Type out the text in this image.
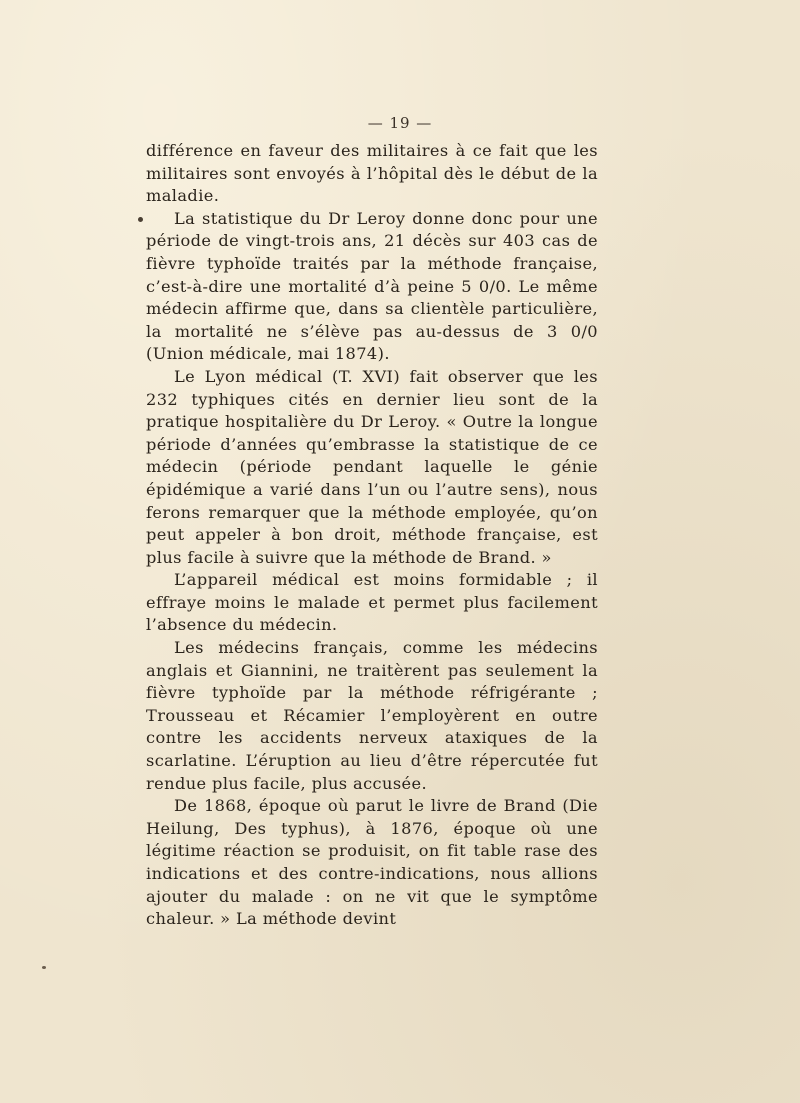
— 19 —

différence en faveur des militaires à ce fait que les militaires sont envoyés à l’hôpital dès le début de la maladie.

La statistique du Dr Leroy donne donc pour une période de vingt-trois ans, 21 décès sur 403 cas de fièvre typhoïde traités par la méthode française, c’est-à-dire une mortalité d’à peine 5 0/0. Le même médecin affirme que, dans sa clientèle particulière, la mortalité ne s’élève pas au-dessus de 3 0/0 (Union médicale, mai 1874).

Le Lyon médical (T. XVI) fait observer que les 232 typhiques cités en dernier lieu sont de la pratique hospitalière du Dr Leroy. « Outre la longue période d’années qu’embrasse la statistique de ce médecin (période pendant laquelle le génie épidémique a varié dans l’un ou l’autre sens), nous ferons remarquer que la méthode employée, qu’on peut appeler à bon droit, méthode française, est plus facile à suivre que la méthode de Brand. »

L’appareil médical est moins formidable ; il effraye moins le malade et permet plus facilement l’absence du médecin.

Les médecins français, comme les médecins anglais et Giannini, ne traitèrent pas seulement la fièvre typhoïde par la méthode réfrigérante ; Trousseau et Récamier l’employèrent en outre contre les accidents nerveux ataxiques de la scarlatine. L’éruption au lieu d’être répercutée fut rendue plus facile, plus accusée.

De 1868, époque où parut le livre de Brand (Die Heilung, Des typhus), à 1876, époque où une légitime réaction se produisit, on fit table rase des indications et des contre-indications, nous allions ajouter du malade : on ne vit que le symptôme chaleur. » La méthode devint
